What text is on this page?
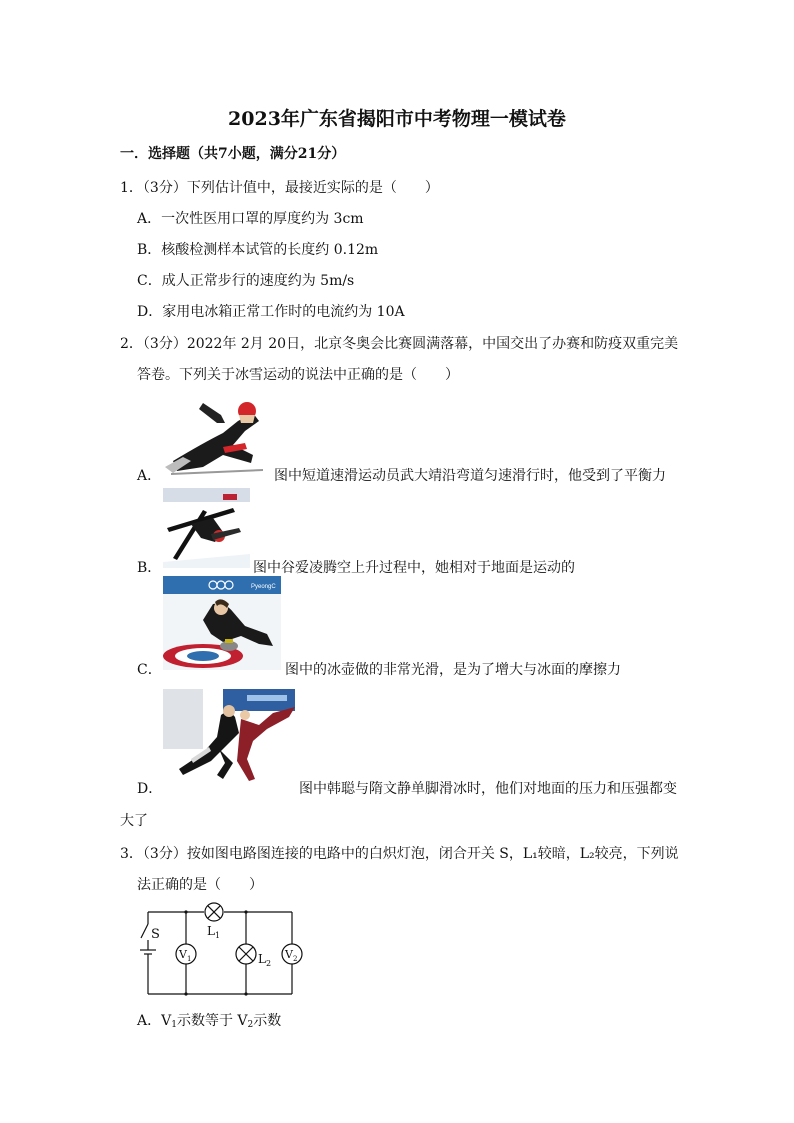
2023年广东省揭阳市中考物理一模试卷
一．选择题（共7小题，满分21分）
1．（3分）下列估计值中，最接近实际的是（　　）
A．一次性医用口罩的厚度约为 3cm
B．核酸检测样本试管的长度约 0.12m
C．成人正常步行的速度约为 5m/s
D．家用电冰箱正常工作时的电流约为 10A
2．（3分）2022年 2月 20日，北京冬奥会比赛圆满落幕，中国交出了办赛和防疫双重完美
答卷。下列关于冰雪运动的说法中正确的是（　　）
A．	图中短道速滑运动员武大靖沿弯道匀速滑行时，他受到了平衡力
B．	图中谷爱凌腾空上升过程中，她相对于地面是运动的
C．
PyeongC
图中的冰壶做的非常光滑，是为了增大与冰面的摩擦力
D．	图中韩聪与隋文静单脚滑冰时，他们对地面的压力和压强都变
大了
3．（3分）按如图电路图连接的电路中的白炽灯泡，闭合开关 S，L₁较暗，L₂较亮，下列说
法正确的是（　　）
S	L 1
L 2
V 1	V 2
A．$V_1$示数等于 $V_2$示数
